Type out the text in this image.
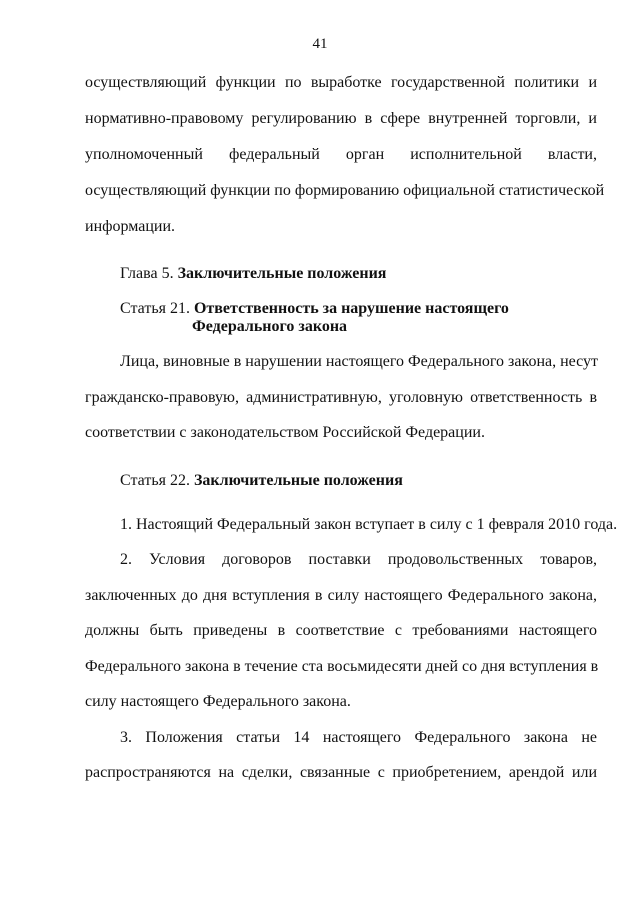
41
осуществляющий функции по выработке государственной политики и
нормативно-правовому регулированию в сфере внутренней торговли, и
уполномоченный федеральный орган исполнительной власти,
осуществляющий функции по формированию официальной статистической
информации.
Глава 5. Заключительные положения
Статья 21. Ответственность за нарушение настоящего
Федерального закона
Лица, виновные в нарушении настоящего Федерального закона, несут
гражданско-правовую, административную, уголовную ответственность в
соответствии с законодательством Российской Федерации.
Статья 22. Заключительные положения
1. Настоящий Федеральный закон вступает в силу с 1 февраля 2010 года.
2. Условия договоров поставки продовольственных товаров,
заключенных до дня вступления в силу настоящего Федерального закона,
должны быть приведены в соответствие с требованиями настоящего
Федерального закона в течение ста восьмидесяти дней со дня вступления в
силу настоящего Федерального закона.
3. Положения статьи 14 настоящего Федерального закона не
распространяются на сделки, связанные с приобретением, арендой или
